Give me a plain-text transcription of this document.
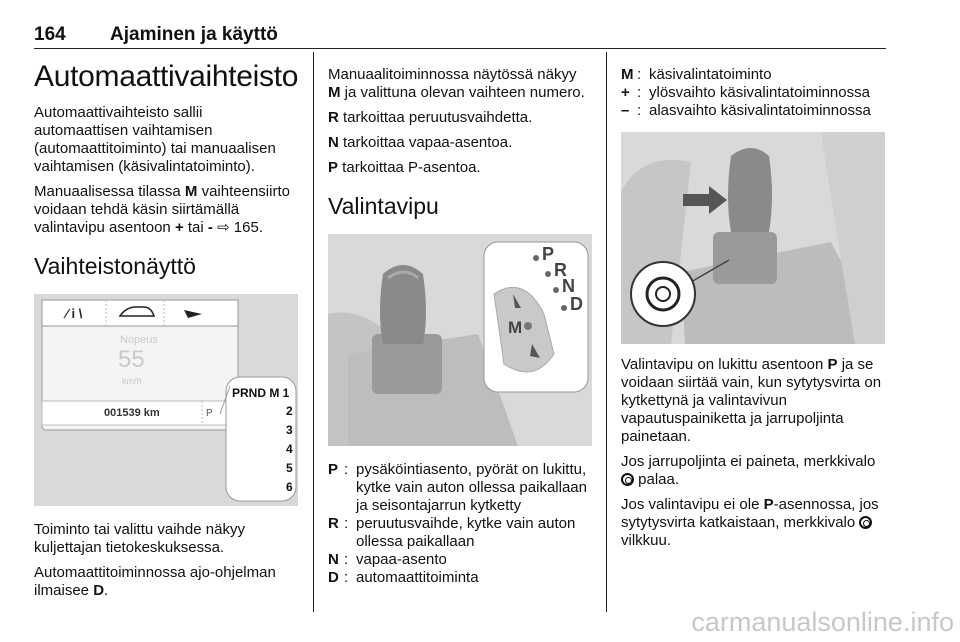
164 Ajaminen ja käyttö
Automaattivaihteisto

Automaattivaihteisto sallii automaattisen vaihtamisen (automaattitoiminto) tai manuaalisen vaihtamisen (käsivalintatoiminto).

Manuaalisessa tilassa M vaihteensiirto voidaan tehdä käsin siirtämällä valintavipu asentoon + tai - ⇨ 165.

Vaihteistonäyttö
⁄ i \
Nopeus
55
km/h
001539 km	P
PRND M 1
2
3
4
5
6

Toiminto tai valittu vaihde näkyy kuljettajan tietokeskuksessa.

Automaattitoiminnossa ajo-ohjelman ilmaisee D.

Manuaalitoiminnossa näytössä näkyy M ja valittuna olevan vaihteen numero.

R tarkoittaa peruutusvaihdetta.

N tarkoittaa vapaa-asentoa.

P tarkoittaa P-asentoa.

Valintavipu
P
R
N
D
M
P : pysäköintiasento, pyörät on lukittu, kytke vain auton ollessa paikallaan ja seisontajarrun kytketty
R : peruutusvaihde, kytke vain auton ollessa paikallaan
N : vapaa-asento
D : automaattitoiminta
M : käsivalintatoiminto
+ : ylösvaihto käsivalintatoiminnossa
– : alasvaihto käsivalintatoiminnossa

Valintavipu on lukittu asentoon P ja se voidaan siirtää vain, kun sytytysvirta on kytkettynä ja valintavivun vapautuspainiketta ja jarrupoljinta painetaan.

Jos jarrupoljinta ei paineta, merkkivalo  palaa.

Jos valintavipu ei ole P-asennossa, jos sytytysvirta katkaistaan, merkkivalo  vilkkuu.

carmanualsonline.info
